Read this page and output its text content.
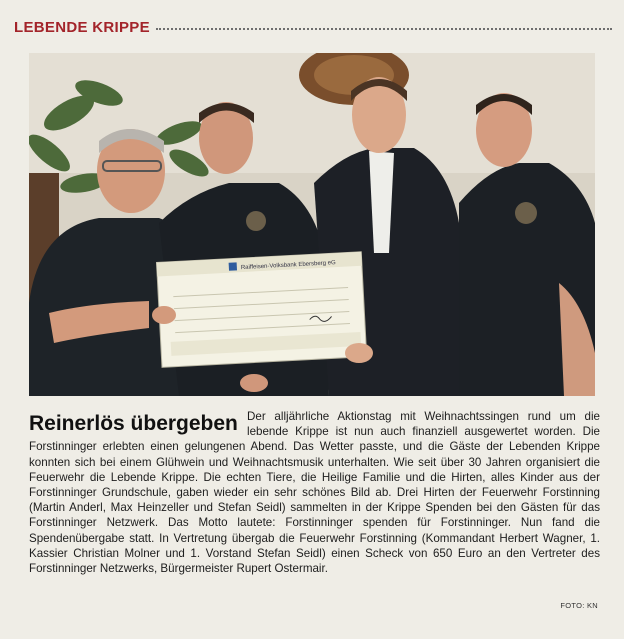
LEBENDE KRIPPE
Raiffeisen-Volksbank Ebersberg eG
Reinerlös übergeben Der alljährliche Aktionstag mit Weihnachtssingen rund um die lebende Krippe ist nun auch finanziell ausgewertet worden. Die Forstinninger erlebten einen gelungenen Abend. Das Wetter passte, und die Gäste der Lebenden Krippe konnten sich bei einem Glühwein und Weihnachtsmusik unterhalten. Wie seit über 30 Jahren organisiert die Feuerwehr die Lebende Krippe. Die echten Tiere, die Heilige Familie und die Hirten, alles Kinder aus der Forstinninger Grundschule, gaben wieder ein sehr schönes Bild ab. Drei Hirten der Feuerwehr Forstinning (Martin Anderl, Max Heinzeller und Stefan Seidl) sammelten in der Krippe Spenden bei den Gästen für das Forstinninger Netzwerk. Das Motto lautete: Forstinninger spenden für Forstinninger. Nun fand die Spendenübergabe statt. In Vertretung übergab die Feuerwehr Forstinning (Kommandant Herbert Wagner, 1. Kassier Christian Molner und 1. Vorstand Stefan Seidl) einen Scheck von 650 Euro an den Vertreter des Forstinninger Netzwerks, Bürgermeister Rupert Ostermair.
FOTO: KN
